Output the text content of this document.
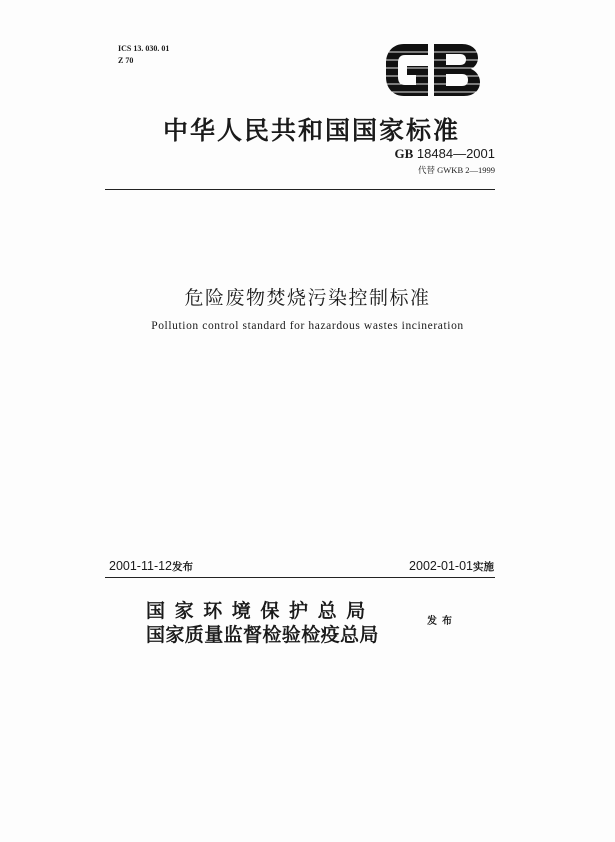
ICS 13. 030. 01
Z 70
中华人民共和国国家标准
GB 18484—2001
代替 GWKB 2—1999
危险废物焚烧污染控制标准
Pollution control standard for hazardous wastes incineration
2001-11-12发布	2002-01-01实施
国家环境保护总局
国家质量监督检验检疫总局
发布
